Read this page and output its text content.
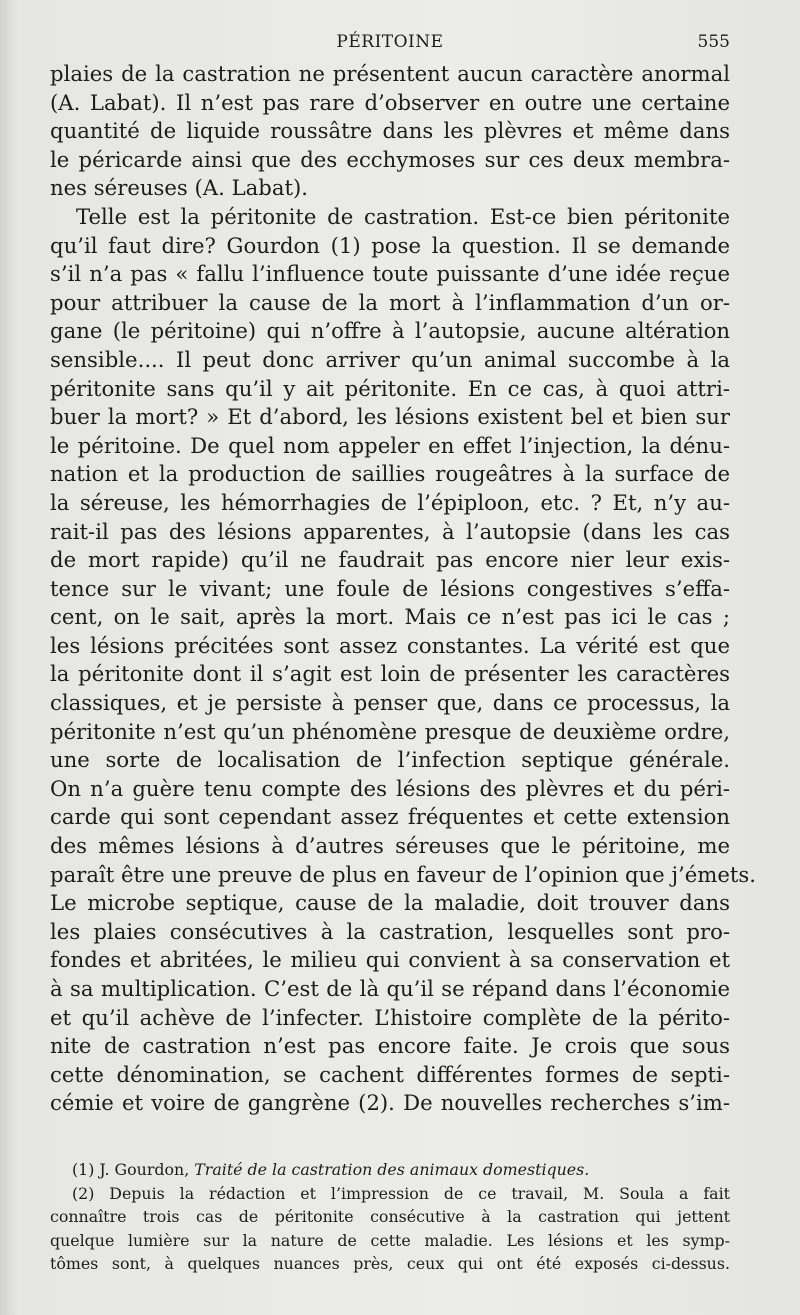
PÉRITOINE	555
plaies de la castration ne présentent aucun caractère anormal
(A. Labat). Il n’est pas rare d’observer en outre une certaine
quantité de liquide roussâtre dans les plèvres et même dans
le péricarde ainsi que des ecchymoses sur ces deux membra-
nes séreuses (A. Labat).
Telle est la péritonite de castration. Est-ce bien péritonite
qu’il faut dire? Gourdon (1) pose la question. Il se demande
s’il n’a pas « fallu l’influence toute puissante d’une idée reçue
pour attribuer la cause de la mort à l’inflammation d’un or-
gane (le péritoine) qui n’offre à l’autopsie, aucune altération
sensible.... Il peut donc arriver qu’un animal succombe à la
péritonite sans qu’il y ait péritonite. En ce cas, à quoi attri-
buer la mort? » Et d’abord, les lésions existent bel et bien sur
le péritoine. De quel nom appeler en effet l’injection, la dénu-
nation et la production de saillies rougeâtres à la surface de
la séreuse, les hémorrhagies de l’épiploon, etc. ? Et, n’y au-
rait-il pas des lésions apparentes, à l’autopsie (dans les cas
de mort rapide) qu’il ne faudrait pas encore nier leur exis-
tence sur le vivant; une foule de lésions congestives s’effa-
cent, on le sait, après la mort. Mais ce n’est pas ici le cas ;
les lésions précitées sont assez constantes. La vérité est que
la péritonite dont il s’agit est loin de présenter les caractères
classiques, et je persiste à penser que, dans ce processus, la
péritonite n’est qu’un phénomène presque de deuxième ordre,
une sorte de localisation de l’infection septique générale.
On n’a guère tenu compte des lésions des plèvres et du péri-
carde qui sont cependant assez fréquentes et cette extension
des mêmes lésions à d’autres séreuses que le péritoine, me
paraît être une preuve de plus en faveur de l’opinion que j’émets.
Le microbe septique, cause de la maladie, doit trouver dans
les plaies consécutives à la castration, lesquelles sont pro-
fondes et abritées, le milieu qui convient à sa conservation et
à sa multiplication. C’est de là qu’il se répand dans l’économie
et qu’il achève de l’infecter. L’histoire complète de la périto-
nite de castration n’est pas encore faite. Je crois que sous
cette dénomination, se cachent différentes formes de septi-
cémie et voire de gangrène (2). De nouvelles recherches s’im-
(1) J. Gourdon, Traité de la castration des animaux domestiques.
(2) Depuis la rédaction et l’impression de ce travail, M. Soula a fait
connaître trois cas de péritonite consécutive à la castration qui jettent
quelque lumière sur la nature de cette maladie. Les lésions et les symp-
tômes sont, à quelques nuances près, ceux qui ont été exposés ci-dessus.
